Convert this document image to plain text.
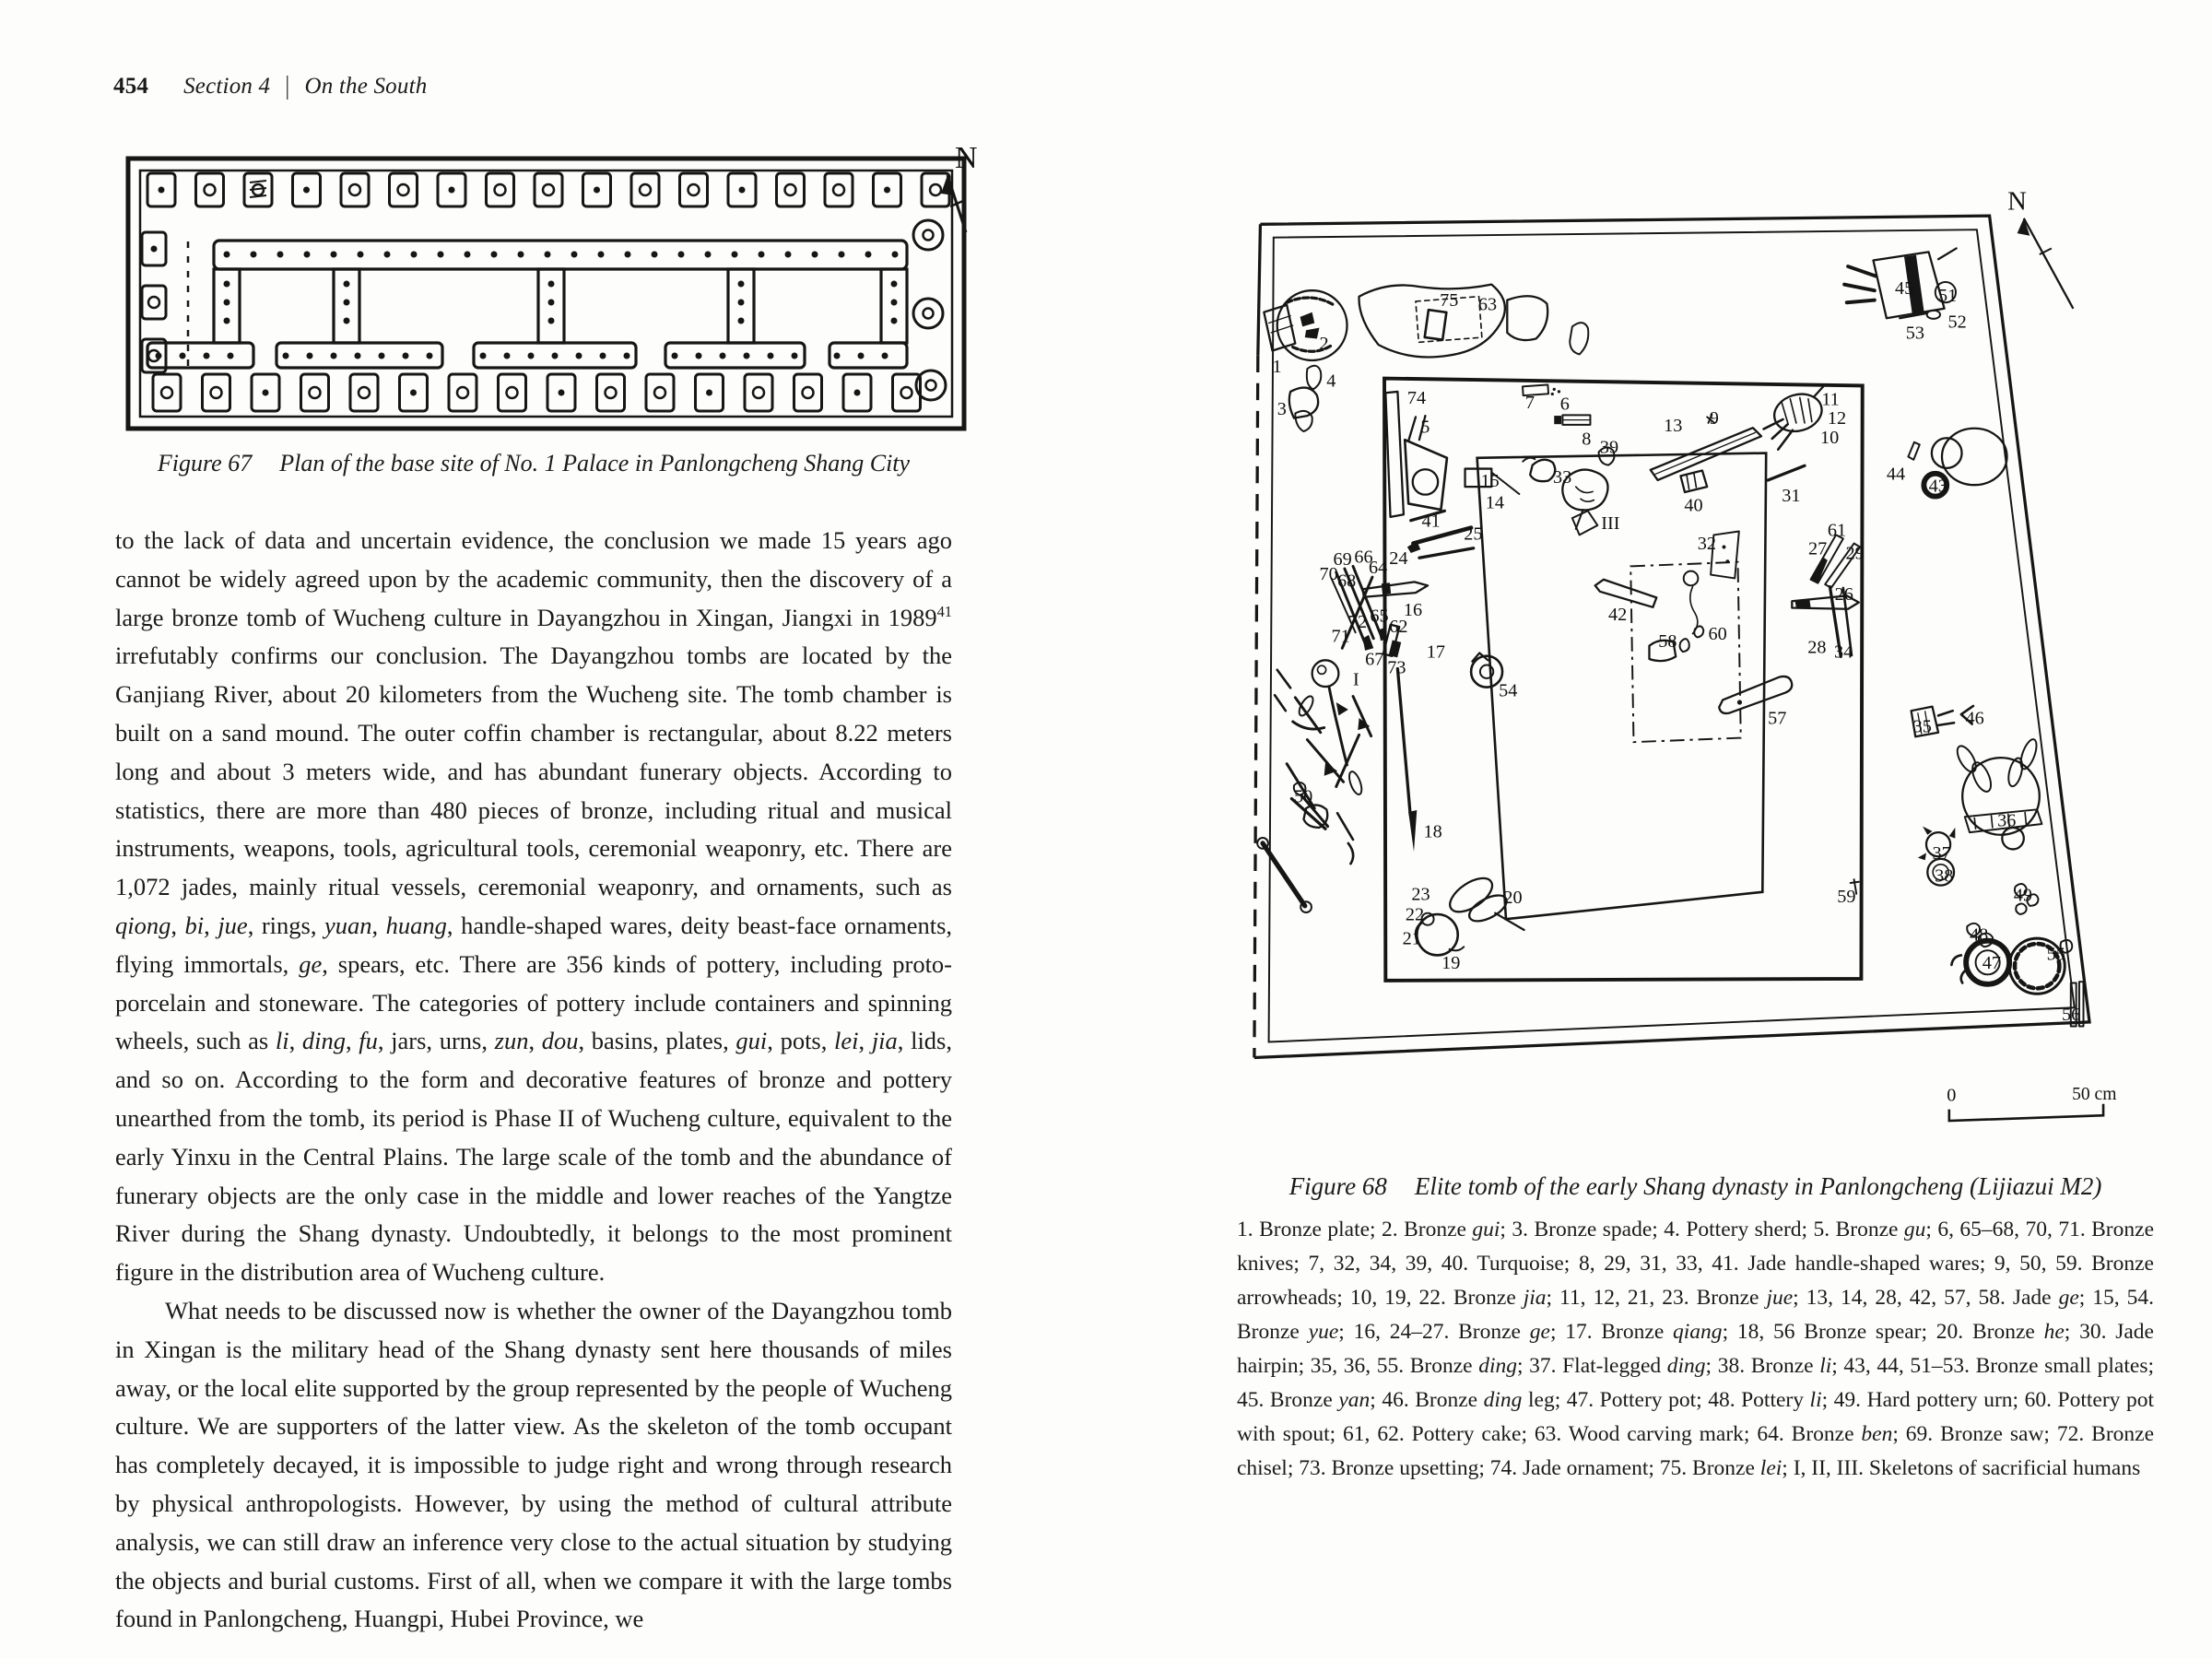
454 Section 4 | On the South
N
Figure 67 Plan of the base site of No. 1 Palace in Panlongcheng Shang City

to the lack of data and uncertain evidence, the conclusion we made 15 years ago cannot be widely agreed upon by the academic community, then the discovery of a large bronze tomb of Wucheng culture in Dayangzhou in Xingan, Jiangxi in 1989$^{41}$ irrefutably confirms our conclusion. The Dayangzhou tombs are located by the Ganjiang River, about 20 kilometers from the Wucheng site. The tomb chamber is built on a sand mound. The outer coffin chamber is rectangular, about 8.22 meters long and about 3 meters wide, and has abundant funerary objects. According to statistics, there are more than 480 pieces of bronze, including ritual and musical instruments, weapons, tools, agricultural tools, ceremonial weaponry, etc. There are 1,072 jades, mainly ritual vessels, ceremonial weaponry, and ornaments, such as qiong, bi, jue, rings, yuan, huang, handle-shaped wares, deity beast-face ornaments, flying immortals, ge, spears, etc. There are 356 kinds of pottery, including proto-porcelain and stoneware. The categories of pottery include containers and spinning wheels, such as li, ding, fu, jars, urns, zun, dou, basins, plates, gui, pots, lei, jia, lids, and so on. According to the form and decorative features of bronze and pottery unearthed from the tomb, its period is Phase II of Wucheng culture, equivalent to the early Yinxu in the Central Plains. The large scale of the tomb and the abundance of funerary objects are the only case in the middle and lower reaches of the Yangtze River during the Shang dynasty. Undoubtedly, it belongs to the most prominent figure in the distribution area of Wucheng culture.

What needs to be discussed now is whether the owner of the Dayangzhou tomb in Xingan is the military head of the Shang dynasty sent here thousands of miles away, or the local elite supported by the group represented by the people of Wucheng culture. We are supporters of the latter view. As the skeleton of the tomb occupant has completely decayed, it is impossible to judge right and wrong through research by physical anthropologists. However, by using the method of cultural attribute analysis, we can still draw an inference very close to the actual situation by studying the objects and burial customs. First of all, when we compare it with the large tombs found in Panlongcheng, Huangpi, Hubei Province, we

N
2
1
4
3
75 63
45 51
52
53
74	7 6
5
8
13 9
11
12
10
39
15 33
14	40	31
44
43
41	III
25	32
61
27 29
24
69 66
64
70 68
26
16	42
65
72 62
71	60
58	28 34
17
67 73
I
54
57	35 46
50
36
18
37
38
59	49
23	20
22
21
19
48
47 55
56
0	50 cm
Figure 68 Elite tomb of the early Shang dynasty in Panlongcheng (Lijiazui M2)
1. Bronze plate; 2. Bronze gui; 3. Bronze spade; 4. Pottery sherd; 5. Bronze gu; 6, 65–68, 70, 71. Bronze knives; 7, 32, 34, 39, 40. Turquoise; 8, 29, 31, 33, 41. Jade handle-shaped wares; 9, 50, 59. Bronze arrowheads; 10, 19, 22. Bronze jia; 11, 12, 21, 23. Bronze jue; 13, 14, 28, 42, 57, 58. Jade ge; 15, 54. Bronze yue; 16, 24–27. Bronze ge; 17. Bronze qiang; 18, 56 Bronze spear; 20. Bronze he; 30. Jade hairpin; 35, 36, 55. Bronze ding; 37. Flat-legged ding; 38. Bronze li; 43, 44, 51–53. Bronze small plates; 45. Bronze yan; 46. Bronze ding leg; 47. Pottery pot; 48. Pottery li; 49. Hard pottery urn; 60. Pottery pot with spout; 61, 62. Pottery cake; 63. Wood carving mark; 64. Bronze ben; 69. Bronze saw; 72. Bronze chisel; 73. Bronze upsetting; 74. Jade ornament; 75. Bronze lei; I, II, III. Skeletons of sacrificial humans
